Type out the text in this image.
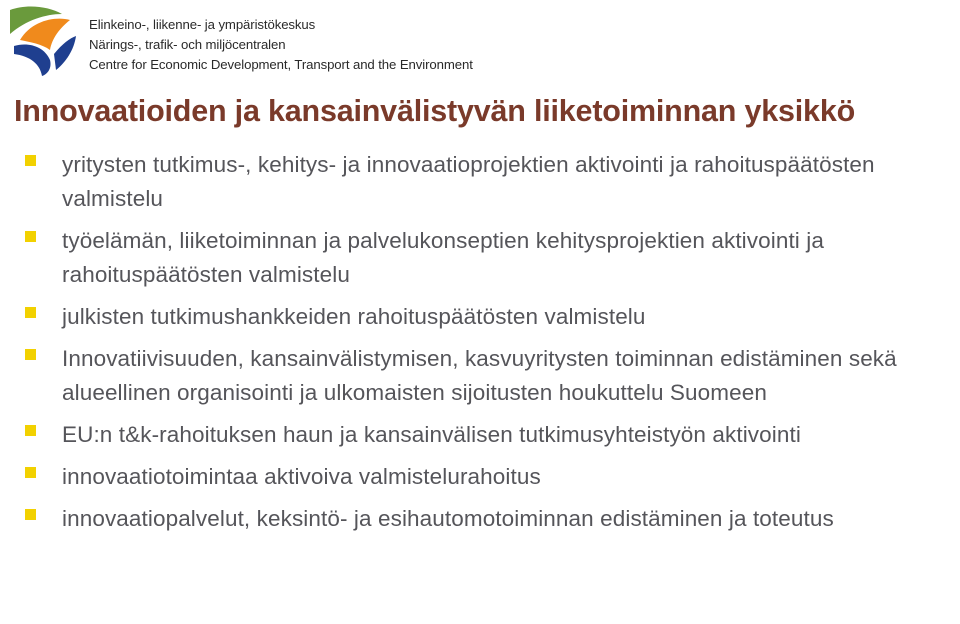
Elinkeino-, liikenne- ja ympäristökeskus
Närings-, trafik- och miljöcentralen
Centre for Economic Development, Transport and the Environment
Innovaatioiden ja kansainvälistyvän liiketoiminnan yksikkö
yritysten tutkimus-, kehitys- ja innovaatioprojektien aktivointi ja rahoituspäätösten valmistelu
työelämän, liiketoiminnan ja palvelukonseptien kehitysprojektien aktivointi ja rahoituspäätösten valmistelu
julkisten tutkimushankkeiden rahoituspäätösten valmistelu
Innovatiivisuuden, kansainvälistymisen, kasvuyritysten toiminnan edistäminen sekä alueellinen organisointi ja ulkomaisten sijoitusten houkuttelu Suomeen
EU:n t&k-rahoituksen haun ja kansainvälisen tutkimusyhteistyön aktivointi
innovaatiotoimintaa aktivoiva valmistelurahoitus
innovaatiopalvelut, keksintö- ja esihautomotoiminnan edistäminen ja toteutus
